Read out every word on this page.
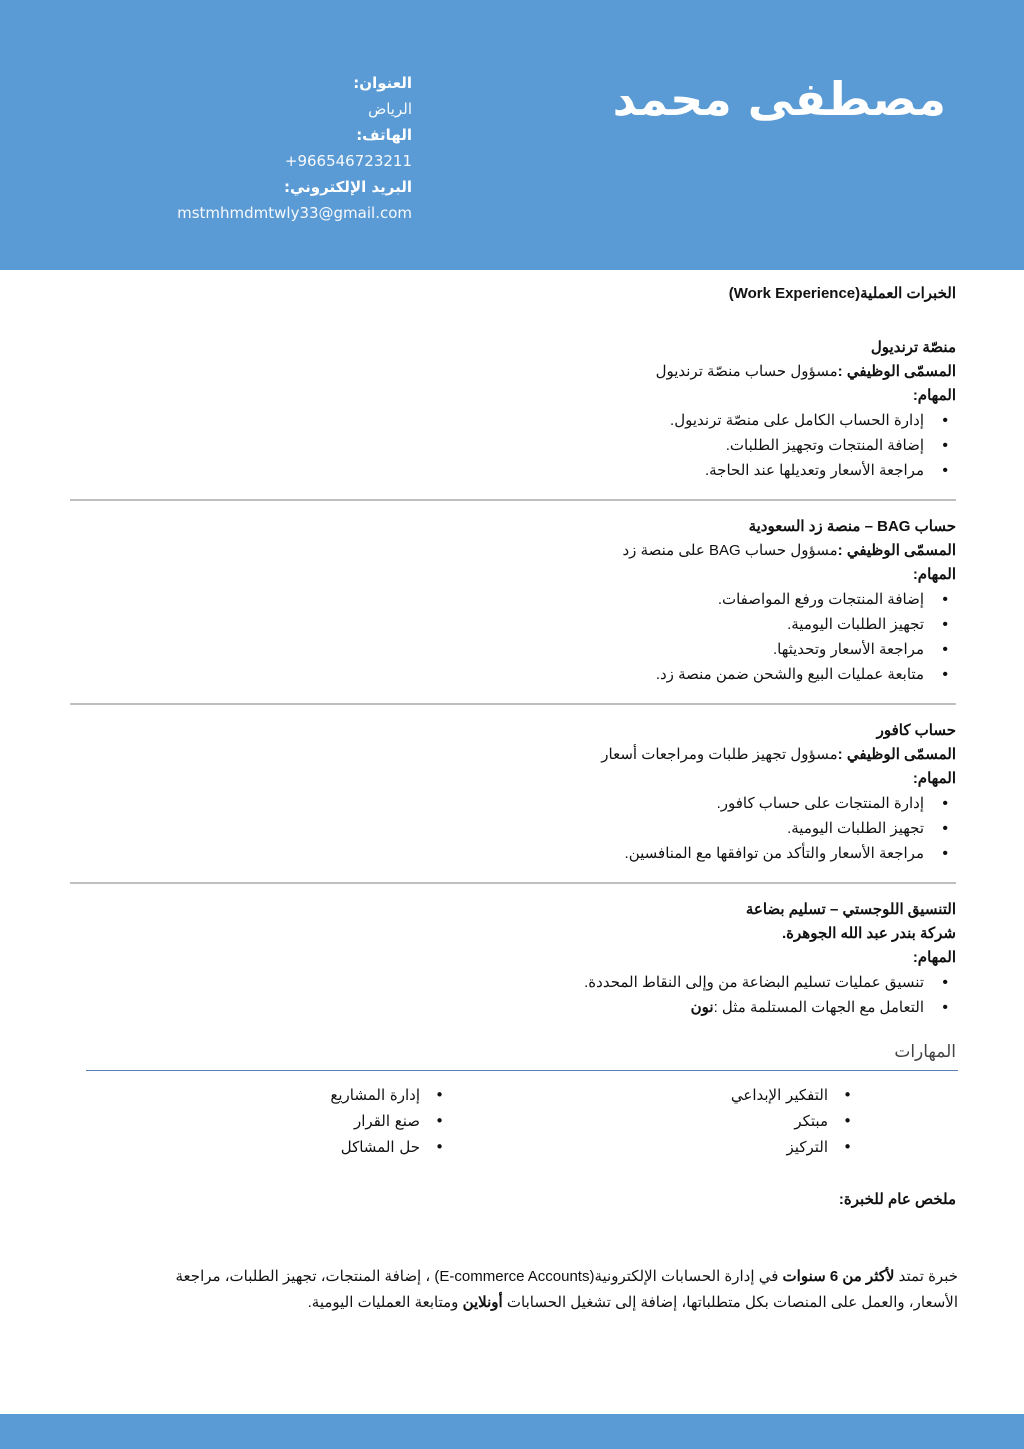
مصطفى محمد
العنوان:
الرياض
الهاتف:
966546723211+
البريد الإلكتروني:
mstmhmdmtwly33@gmail.com
الخبرات العملية(Work Experience)
منصّة ترنديول
المسمّى الوظيفي :مسؤول حساب منصّة ترنديول
المهام:
• إدارة الحساب الكامل على منصّة ترنديول.
• إضافة المنتجات وتجهيز الطلبات.
• مراجعة الأسعار وتعديلها عند الحاجة.
حساب BAG – منصة زد السعودية
المسمّى الوظيفي :مسؤول حساب BAG على منصة زد
المهام:
• إضافة المنتجات ورفع المواصفات.
• تجهيز الطلبات اليومية.
• مراجعة الأسعار وتحديثها.
• متابعة عمليات البيع والشحن ضمن منصة زد.
حساب كافور
المسمّى الوظيفي :مسؤول تجهيز طلبات ومراجعات أسعار
المهام:
• إدارة المنتجات على حساب كافور.
• تجهيز الطلبات اليومية.
• مراجعة الأسعار والتأكد من توافقها مع المنافسين.
التنسيق اللوجستي – تسليم بضاعة
شركة بندر عبد الله الجوهرة.
المهام:
• تنسيق عمليات تسليم البضاعة من وإلى النقاط المحددة.
• التعامل مع الجهات المستلمة مثل :نون
المهارات
• التفكير الإبداعي
• مبتكر
• التركيز
• إدارة المشاريع
• صنع القرار
• حل المشاكل
ملخص عام للخبرة:
خبرة تمتد لأكثر من 6 سنوات في إدارة الحسابات الإلكترونية(E-commerce Accounts) ، إضافة المنتجات، تجهيز الطلبات، مراجعة الأسعار، والعمل على المنصات بكل متطلباتها، إضافة إلى تشغيل الحسابات أونلاين ومتابعة العمليات اليومية.
